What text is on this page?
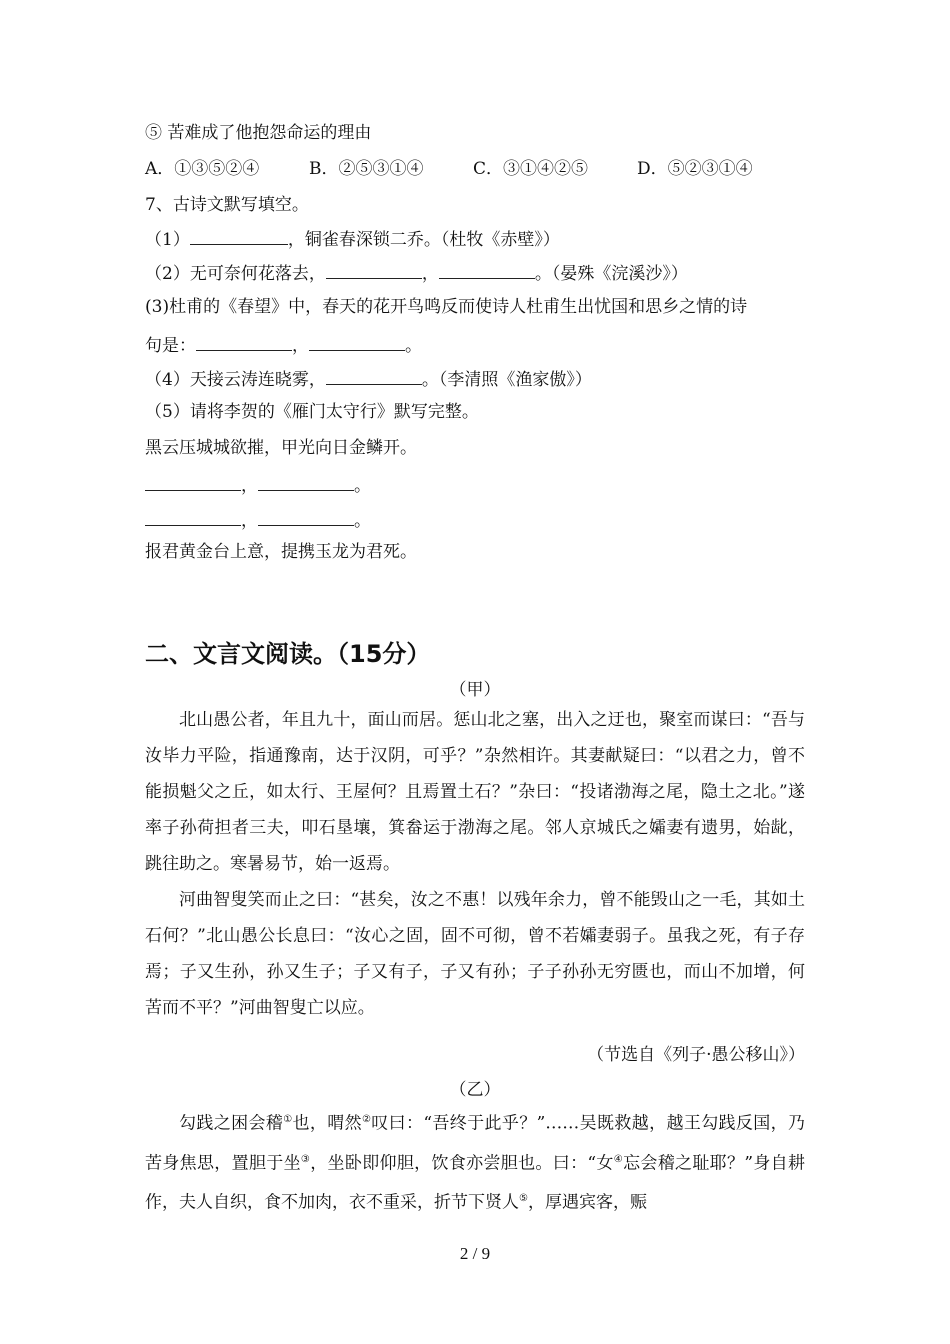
⑤ 苦难成了他抱怨命运的理由
A．①③⑤②④	B．②⑤③①④	C．③①④②⑤	D．⑤②③①④
7、古诗文默写填空。
（1）	，铜雀春深锁二乔。（杜牧《赤壁》）
（2）无可奈何花落去，	，	。（晏殊《浣溪沙》）
(3)杜甫的《春望》中，春天的花开鸟鸣反而使诗人杜甫生出忧国和思乡之情的诗
句是：	，	。
（4）天接云涛连晓雾，	。（李清照《渔家傲》）
（5）请将李贺的《雁门太守行》默写完整。
黑云压城城欲摧，甲光向日金鳞开。
，	。
，	。
报君黄金台上意，提携玉龙为君死。
二、文言文阅读。（15分）
（甲）

北山愚公者，年且九十，面山而居。惩山北之塞，出入之迂也，聚室而谋曰：“吾与汝毕力平险，指通豫南，达于汉阴，可乎？”杂然相许。其妻献疑曰：“以君之力，曾不能损魁父之丘，如太行、王屋何？且焉置土石？”杂曰：“投诸渤海之尾，隐土之北。”遂率子孙荷担者三夫，叩石垦壤，箕畚运于渤海之尾。邻人京城氏之孀妻有遗男，始龀，跳往助之。寒暑易节，始一返焉。

河曲智叟笑而止之曰：“甚矣，汝之不惠！以残年余力，曾不能毁山之一毛，其如土石何？”北山愚公长息曰：“汝心之固，固不可彻，曾不若孀妻弱子。虽我之死，有子存焉；子又生孙，孙又生子；子又有子，子又有孙；子子孙孙无穷匮也，而山不加增，何苦而不平？”河曲智叟亡以应。

（节选自《列子·愚公移山》）
（乙）

勾践之困会稽①也，喟然②叹曰：“吾终于此乎？”……吴既救越，越王勾践反国，乃苦身焦思，置胆于坐③，坐卧即仰胆，饮食亦尝胆也。曰：“女④忘会稽之耻耶？”身自耕作，夫人自织，食不加肉，衣不重采，折节下贤人⑤，厚遇宾客，赈

2 / 9
